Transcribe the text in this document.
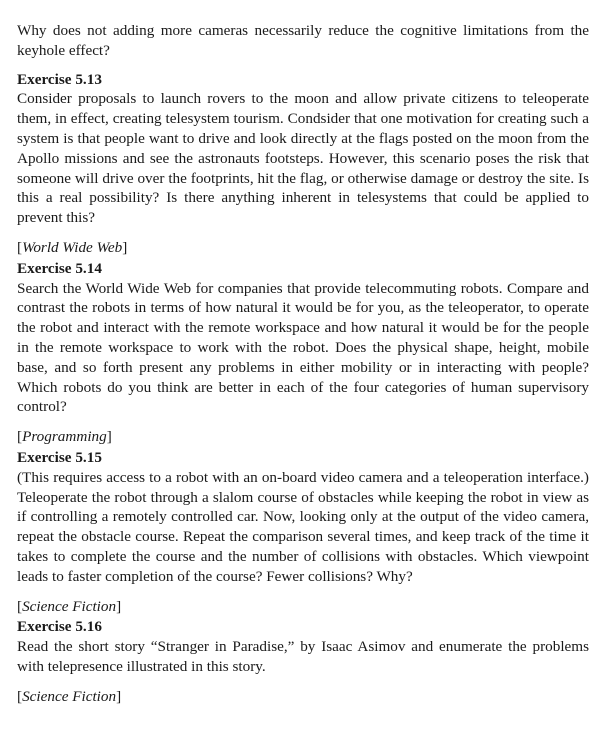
Why does not adding more cameras necessarily reduce the cognitive limitations from the keyhole effect?

Exercise 5.13

Consider proposals to launch rovers to the moon and allow private citizens to teleoperate them, in effect, creating telesystem tourism. Condsider that one motivation for creating such a system is that people want to drive and look directly at the flags posted on the moon from the Apollo missions and see the astronauts footsteps. However, this scenario poses the risk that someone will drive over the footprints, hit the flag, or otherwise damage or destroy the site. Is this a real possibility? Is there anything inherent in telesystems that could be applied to prevent this?

[World Wide Web]

Exercise 5.14

Search the World Wide Web for companies that provide telecommuting robots. Compare and contrast the robots in terms of how natural it would be for you, as the teleoperator, to operate the robot and interact with the remote workspace and how natural it would be for the people in the remote workspace to work with the robot. Does the physical shape, height, mobile base, and so forth present any problems in either mobility or in interacting with people? Which robots do you think are better in each of the four categories of human supervisory control?

[Programming]

Exercise 5.15

(This requires access to a robot with an on-board video camera and a teleoperation interface.) Teleoperate the robot through a slalom course of obstacles while keeping the robot in view as if controlling a remotely controlled car. Now, looking only at the output of the video camera, repeat the obstacle course. Repeat the comparison several times, and keep track of the time it takes to complete the course and the number of collisions with obstacles. Which viewpoint leads to faster completion of the course? Fewer collisions? Why?

[Science Fiction]

Exercise 5.16

Read the short story “Stranger in Paradise,” by Isaac Asimov and enumerate the problems with telepresence illustrated in this story.

[Science Fiction]
